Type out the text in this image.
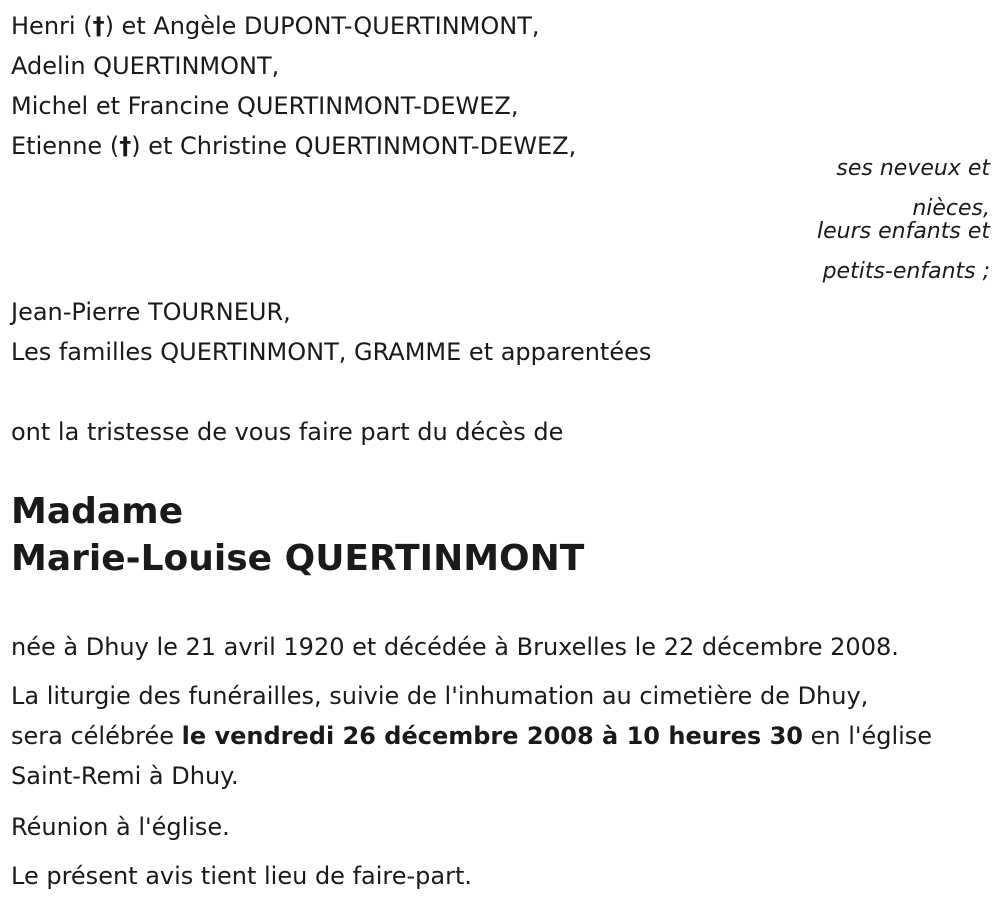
Henri (†) et Angèle DUPONT-QUERTINMONT,
Adelin QUERTINMONT,
Michel et Francine QUERTINMONT-DEWEZ,
Etienne (†) et Christine QUERTINMONT-DEWEZ,
ses neveux et
nièces,
leurs enfants et
petits-enfants ;
Jean-Pierre TOURNEUR,
Les familles QUERTINMONT, GRAMME et apparentées
ont la tristesse de vous faire part du décès de
Madame
Marie-Louise QUERTINMONT
née à Dhuy le 21 avril 1920 et décédée à Bruxelles le 22 décembre 2008.
La liturgie des funérailles, suivie de l'inhumation au cimetière de Dhuy,
sera célébrée le vendredi 26 décembre 2008 à 10 heures 30 en l'église
Saint-Remi à Dhuy.
Réunion à l'église.
Le présent avis tient lieu de faire-part.
